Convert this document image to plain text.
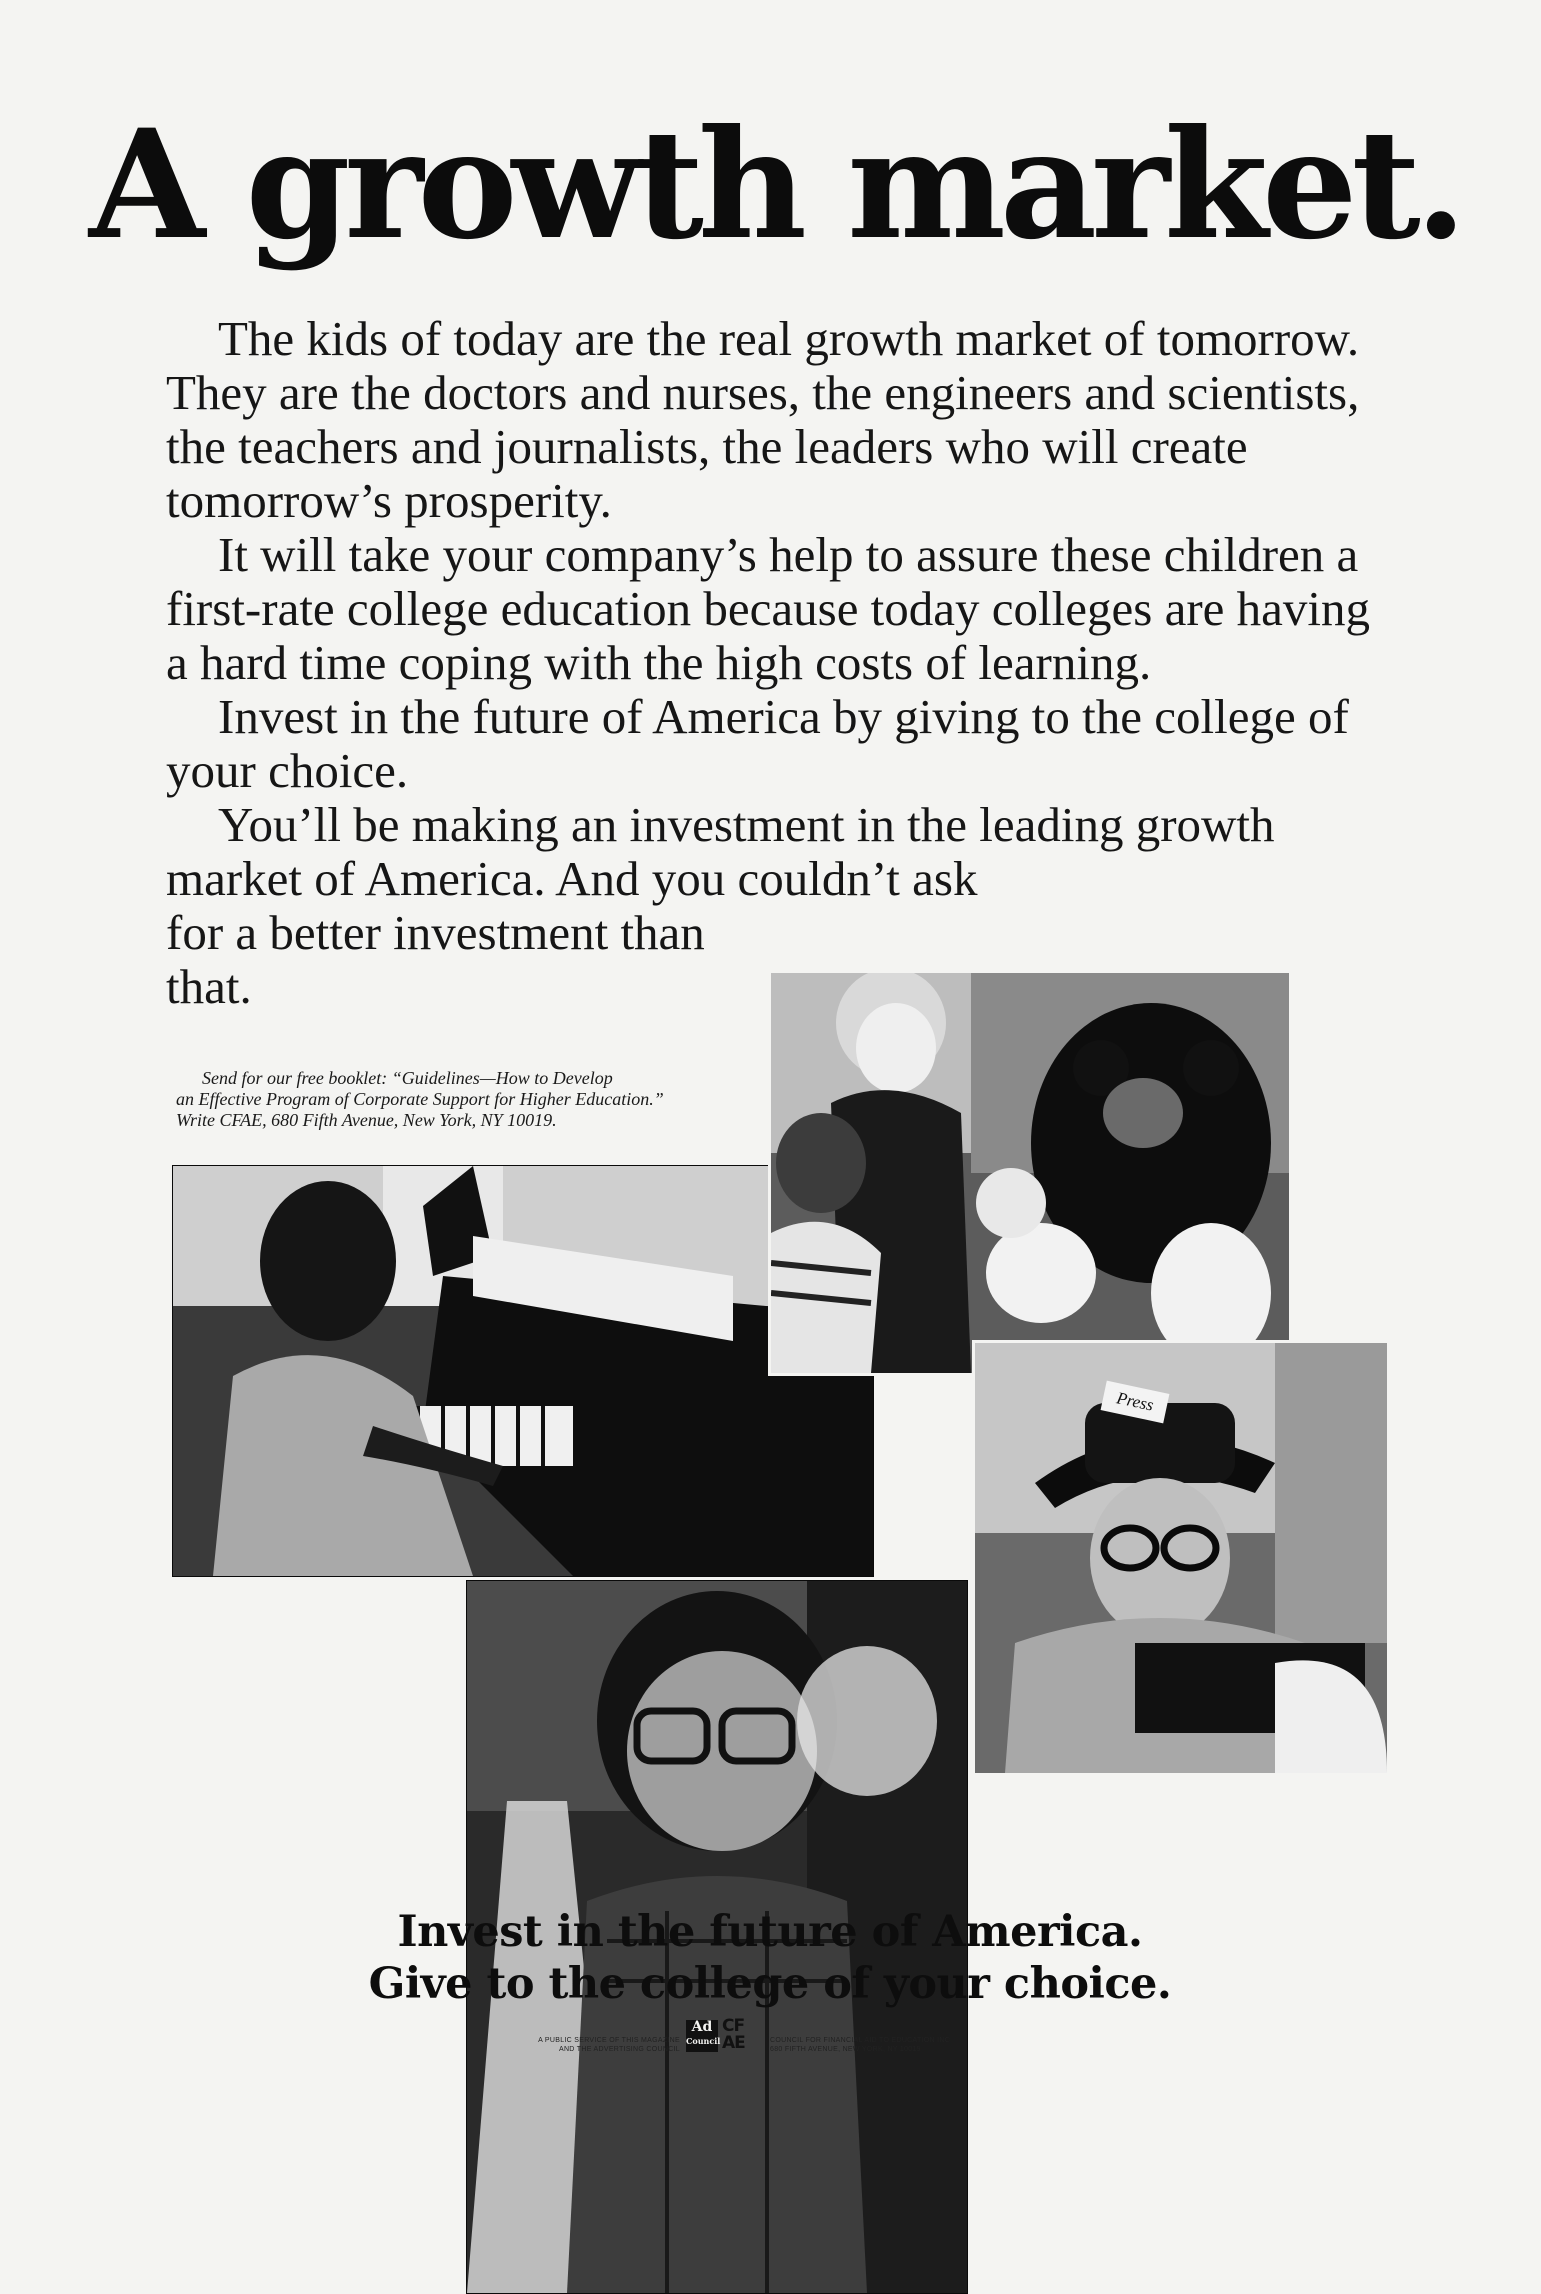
A growth market.

The kids of today are the real growth market of tomorrow. They are the doctors and nurses, the engineers and scientists, the teachers and journalists, the leaders who will create tomorrow’s prosperity.

It will take your company’s help to assure these children a first-rate college education because today colleges are having a hard time coping with the high costs of learning.

Invest in the future of America by giving to the college of your choice.

You’ll be making an investment in the leading growth market of America. And you couldn’t ask

for a better investment than that.

Send for our free booklet: “Guidelines—How to Develop
an Effective Program of Corporate Support for Higher Education.”
Write CFAE, 680 Fifth Avenue, New York, NY 10019.
Press
Invest in the future of America.
Give to the college of your choice.
A PUBLIC SERVICE OF THIS MAGAZINE
AND THE ADVERTISING COUNCIL
Ad
Council
CF
AE	COUNCIL FOR FINANCIAL AID TO EDUCATION INC
680 FIFTH AVENUE, NEW YORK, NY 10019
